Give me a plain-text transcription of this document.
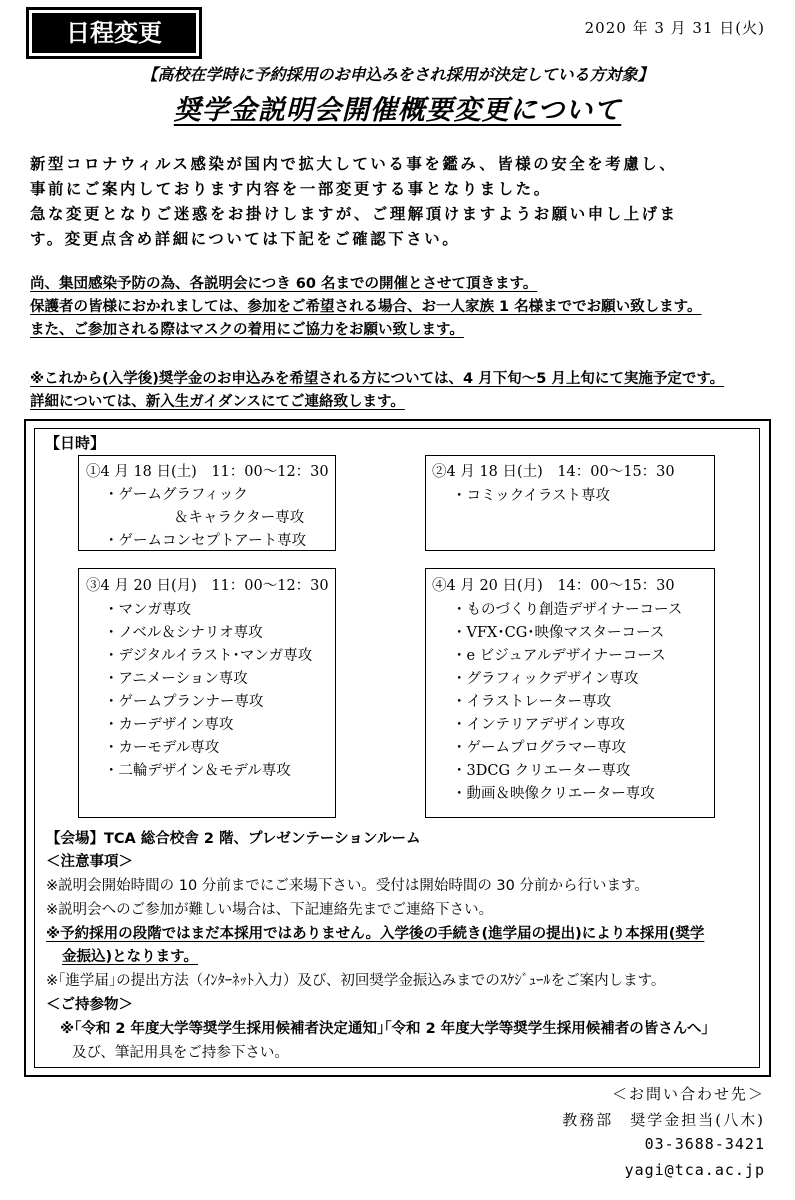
日程変更	2020 年 3 月 31 日(火)
【高校在学時に予約採用のお申込みをされ採用が決定している方対象】
奨学金説明会開催概要変更について
新型コロナウィルス感染が国内で拡大している事を鑑み、皆様の安全を考慮し、
事前にご案内しております内容を一部変更する事となりました。
急な変更となりご迷惑をお掛けしますが、ご理解頂けますようお願い申し上げま
す。変更点含め詳細については下記をご確認下さい。
尚、集団感染予防の為、各説明会につき 60 名までの開催とさせて頂きます。
保護者の皆様におかれましては、参加をご希望される場合、お一人家族 1 名様まででお願い致します。
また、ご参加される際はマスクの着用にご協力をお願い致します。
※これから(入学後)奨学金のお申込みを希望される方については、4 月下旬～5 月上旬にて実施予定です。
詳細については、新入生ガイダンスにてご連絡致します。
【日時】
①4 月 18 日(土)　11：00～12：30
・ゲームグラフィック
＆キャラクター専攻
・ゲームコンセプトアート専攻
②4 月 18 日(土)　14：00～15：30
・コミックイラスト専攻
③4 月 20 日(月)　11：00～12：30
・マンガ専攻
・ノベル＆シナリオ専攻
・デジタルイラスト･マンガ専攻
・アニメーション専攻
・ゲームプランナー専攻
・カーデザイン専攻
・カーモデル専攻
・二輪デザイン＆モデル専攻
④4 月 20 日(月)　14：00～15：30
・ものづくり創造デザイナーコース
・VFX･CG･映像マスターコース
・e ビジュアルデザイナーコース
・グラフィックデザイン専攻
・イラストレーター専攻
・インテリアデザイン専攻
・ゲームプログラマー専攻
・3DCG クリエーター専攻
・動画＆映像クリエーター専攻
【会場】TCA 総合校舎 2 階、プレゼンテーションルーム
＜注意事項＞
※説明会開始時間の 10 分前までにご来場下さい。受付は開始時間の 30 分前から行います。
※説明会へのご参加が難しい場合は、下記連絡先までご連絡下さい。
※予約採用の段階ではまだ本採用ではありません。入学後の手続き(進学届の提出)により本採用(奨学
金振込)となります。
※｢進学届｣の提出方法（ｲﾝﾀｰﾈｯﾄ入力）及び、初回奨学金振込みまでのｽｹｼﾞｭｰﾙをご案内します。
＜ご持参物＞
※｢令和 2 年度大学等奨学生採用候補者決定通知｣｢令和 2 年度大学等奨学生採用候補者の皆さんへ｣
及び、筆記用具をご持参下さい。
＜お問い合わせ先＞
教務部　奨学金担当(八木)
03-3688-3421
yagi@tca.ac.jp
